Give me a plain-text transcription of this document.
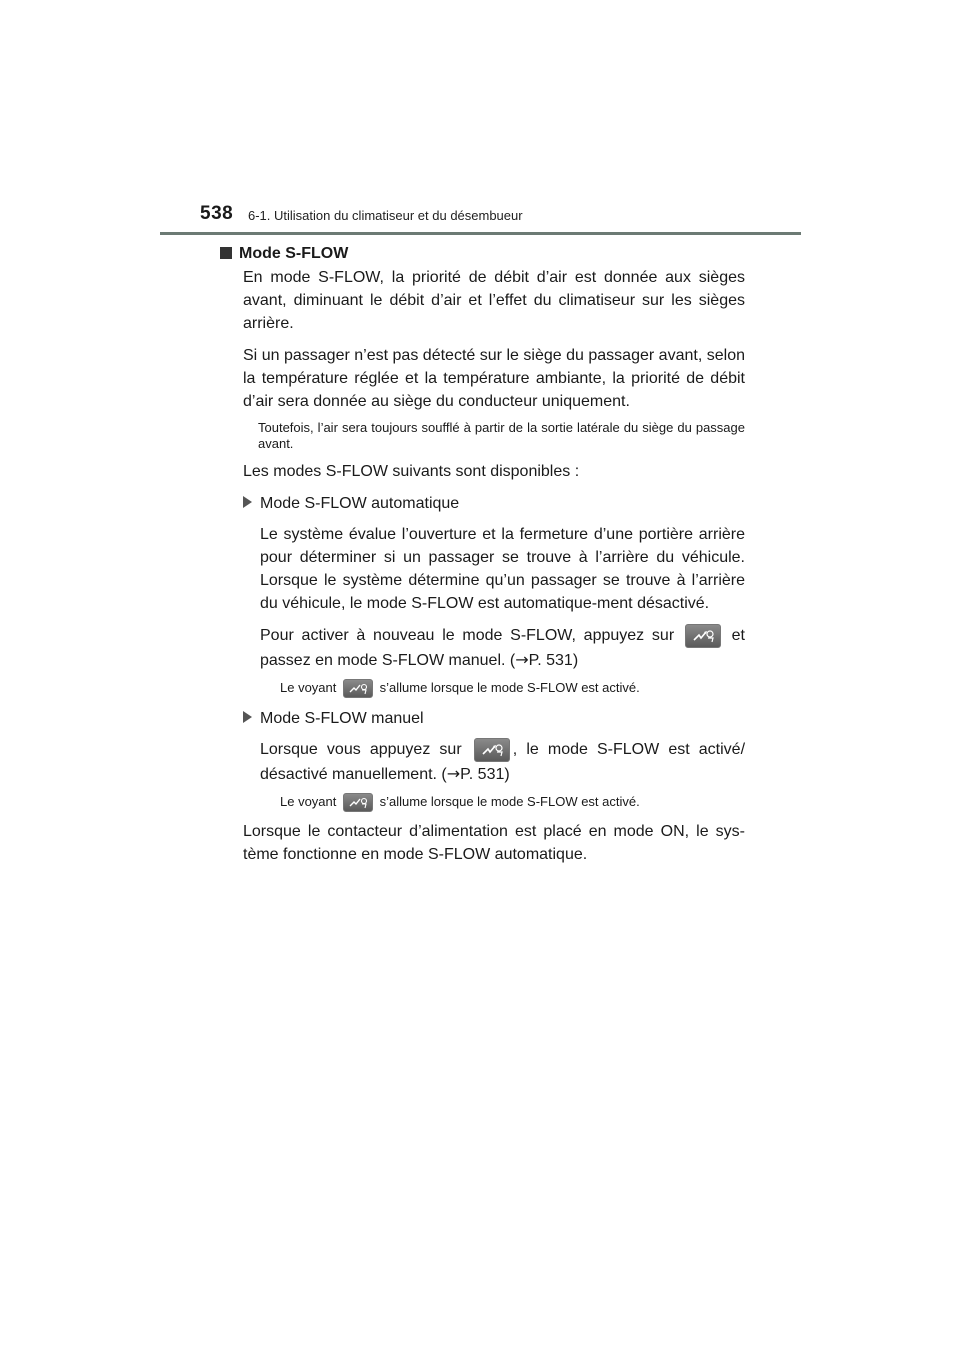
538 6-1. Utilisation du climatiseur et du désembueur
Mode S-FLOW

En mode S-FLOW, la priorité de débit d’air est donnée aux sièges avant, diminuant le débit d’air et l’effet du climatiseur sur les sièges arrière.

Si un passager n’est pas détecté sur le siège du passager avant, selon la température réglée et la température ambiante, la priorité de débit d’air sera donnée au siège du conducteur uniquement.

Toutefois, l’air sera toujours soufflé à partir de la sortie latérale du siège du passage avant.

Les modes S-FLOW suivants sont disponibles :

Mode S-FLOW automatique

Le système évalue l’ouverture et la fermeture d’une portière arrière pour déterminer si un passager se trouve à l’arrière du véhicule. Lorsque le système détermine qu’un passager se trouve à l’arrière du véhicule, le mode S-FLOW est automatique-ment désactivé.

Pour activer à nouveau le mode S-FLOW, appuyez sur	et passez en mode S-FLOW manuel. (→P. 531)

Le voyant	s’allume lorsque le mode S-FLOW est activé.

Mode S-FLOW manuel

Lorsque vous appuyez sur	, le mode S-FLOW est activé/ désactivé manuellement. (→P. 531)

Le voyant	s’allume lorsque le mode S-FLOW est activé.

Lorsque le contacteur d’alimentation est placé en mode ON, le sys-tème fonctionne en mode S-FLOW automatique.
